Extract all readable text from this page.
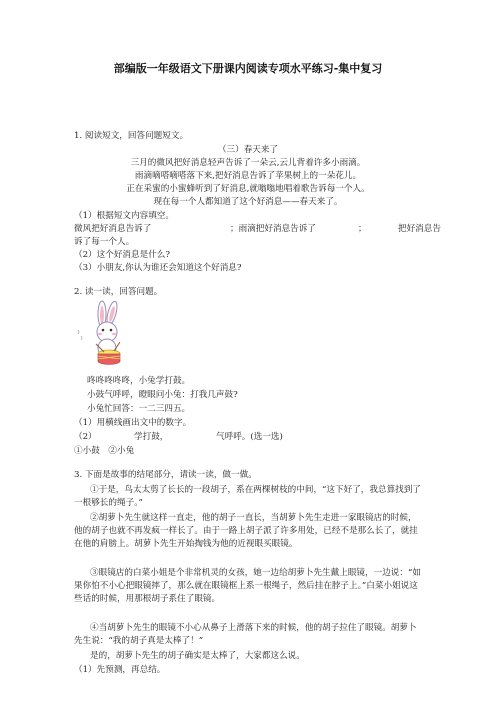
部编版一年级语文下册课内阅读专项水平练习-集中复习
1. 阅读短文，回答问题短文。
（三）春天来了
三月的微风把好消息轻声告诉了一朵云,云儿背着许多小雨滴。
雨滴嘀嗒嘀嗒落下来,把好消息告诉了苹果树上的一朵花儿。
正在采蜜的小蜜蜂听到了好消息,就嗡嗡地唱着歌告诉每一个人。
现在每一个人都知道了这个好消息——春天来了。
（1）根据短文内容填空。
微风把好消息告诉了	；雨滴把好消息告诉了	；	把好消息告
诉了每一个人。
（2）这个好消息是什么?
（3）小朋友,你认为谁还会知道这个好消息?
2. 读一读，回答问题。
咚咚咚咚咚，小兔学打鼓。
小鼓气呼呼，瞪眼问小兔：打我几声鼓?
小兔忙回答：一二三四五。
（1）用横线画出文中的数字。
（2）	学打鼓，	气呼呼。(选一选)
①小鼓　②小兔
3. 下面是故事的结尾部分，请读一读，做一做。
①于是，鸟太太剪了长长的一段胡子，系在两棵树枝的中间，“这下好了，我总算找到了一根够长的绳子。”
②胡萝卜先生就这样一直走，他的胡子一直长，当胡萝卜先生走进一家眼镜店的时候，他的胡子也就不再发疯一样长了。由于一路上胡子派了许多用处，已经不是那么长了，就挂在他的肩膀上。胡萝卜先生开始掏钱为他的近视眼买眼镜。
③眼镜店的白菜小姐是个非常机灵的女孩，她一边给胡萝卜先生戴上眼镜，一边说：“如果你怕不小心把眼镜摔了，那么就在眼镜框上系一根绳子，然后挂在脖子上。”白菜小姐说这些话的时候，用那根胡子系住了眼镜。
④当胡萝卜先生的眼镜不小心从鼻子上滑落下来的时候，他的胡子拉住了眼镜。胡萝卜先生说：“我的胡子真是太棒了！”
是的，胡萝卜先生的胡子确实是太棒了，大家都这么说。
（1）先预测，再总结。
